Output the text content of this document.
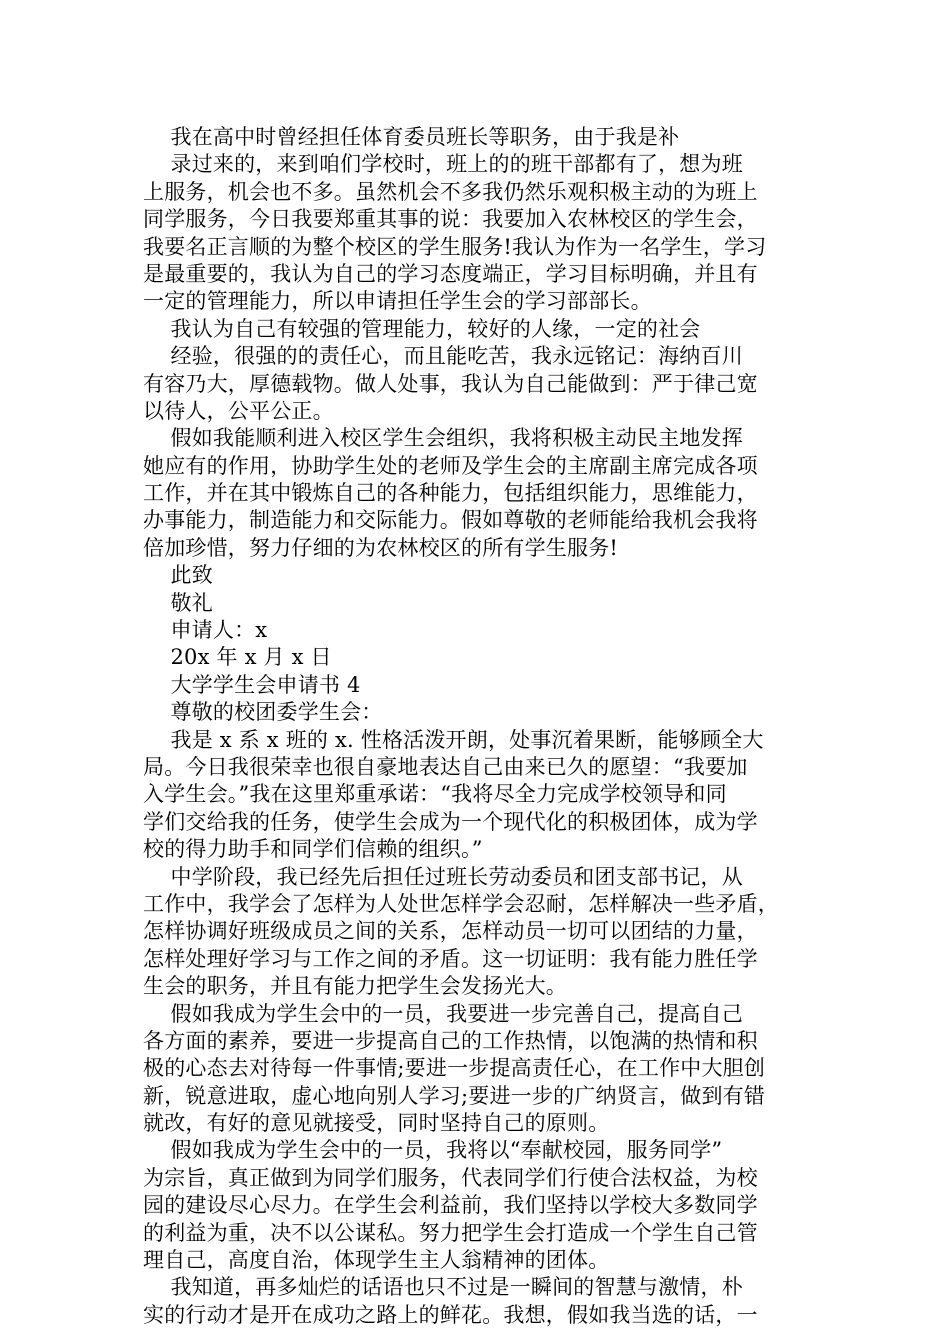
我在高中时曾经担任体育委员班长等职务，由于我是补
录过来的，来到咱们学校时，班上的的班干部都有了，想为班
上服务，机会也不多。虽然机会不多我仍然乐观积极主动的为班上
同学服务，今日我要郑重其事的说：我要加入农林校区的学生会，
我要名正言顺的为整个校区的学生服务!我认为作为一名学生，学习
是最重要的，我认为自己的学习态度端正，学习目标明确，并且有
一定的管理能力，所以申请担任学生会的学习部部长。
我认为自己有较强的管理能力，较好的人缘，一定的社会
经验，很强的的责任心，而且能吃苦，我永远铭记：海纳百川
有容乃大，厚德载物。做人处事，我认为自己能做到：严于律己宽
以待人，公平公正。
假如我能顺利进入校区学生会组织，我将积极主动民主地发挥
她应有的作用，协助学生处的老师及学生会的主席副主席完成各项
工作，并在其中锻炼自己的各种能力，包括组织能力，思维能力，
办事能力，制造能力和交际能力。假如尊敬的老师能给我机会我将
倍加珍惜，努力仔细的为农林校区的所有学生服务!
此致
敬礼
申请人：x
20x 年 x 月 x 日
大学学生会申请书 4
尊敬的校团委学生会：
我是 x 系 x 班的 x. 性格活泼开朗，处事沉着果断，能够顾全大
局。今日我很荣幸也很自豪地表达自己由来已久的愿望：“我要加
入学生会。”我在这里郑重承诺：“我将尽全力完成学校领导和同
学们交给我的任务，使学生会成为一个现代化的积极团体，成为学
校的得力助手和同学们信赖的组织。”
中学阶段，我已经先后担任过班长劳动委员和团支部书记，从
工作中，我学会了怎样为人处世怎样学会忍耐，怎样解决一些矛盾，
怎样协调好班级成员之间的关系，怎样动员一切可以团结的力量，
怎样处理好学习与工作之间的矛盾。这一切证明：我有能力胜任学
生会的职务，并且有能力把学生会发扬光大。
假如我成为学生会中的一员，我要进一步完善自己，提高自己
各方面的素养，要进一步提高自己的工作热情，以饱满的热情和积
极的心态去对待每一件事情;要进一步提高责任心，在工作中大胆创
新，锐意进取，虚心地向别人学习;要进一步的广纳贤言，做到有错
就改，有好的意见就接受，同时坚持自己的原则。
假如我成为学生会中的一员，我将以“奉献校园，服务同学”
为宗旨，真正做到为同学们服务，代表同学们行使合法权益，为校
园的建设尽心尽力。在学生会利益前，我们坚持以学校大多数同学
的利益为重，决不以公谋私。努力把学生会打造成一个学生自己管
理自己，高度自治，体现学生主人翁精神的团体。
我知道，再多灿烂的话语也只不过是一瞬间的智慧与激情，朴
实的行动才是开在成功之路上的鲜花。我想，假如我当选的话，一
